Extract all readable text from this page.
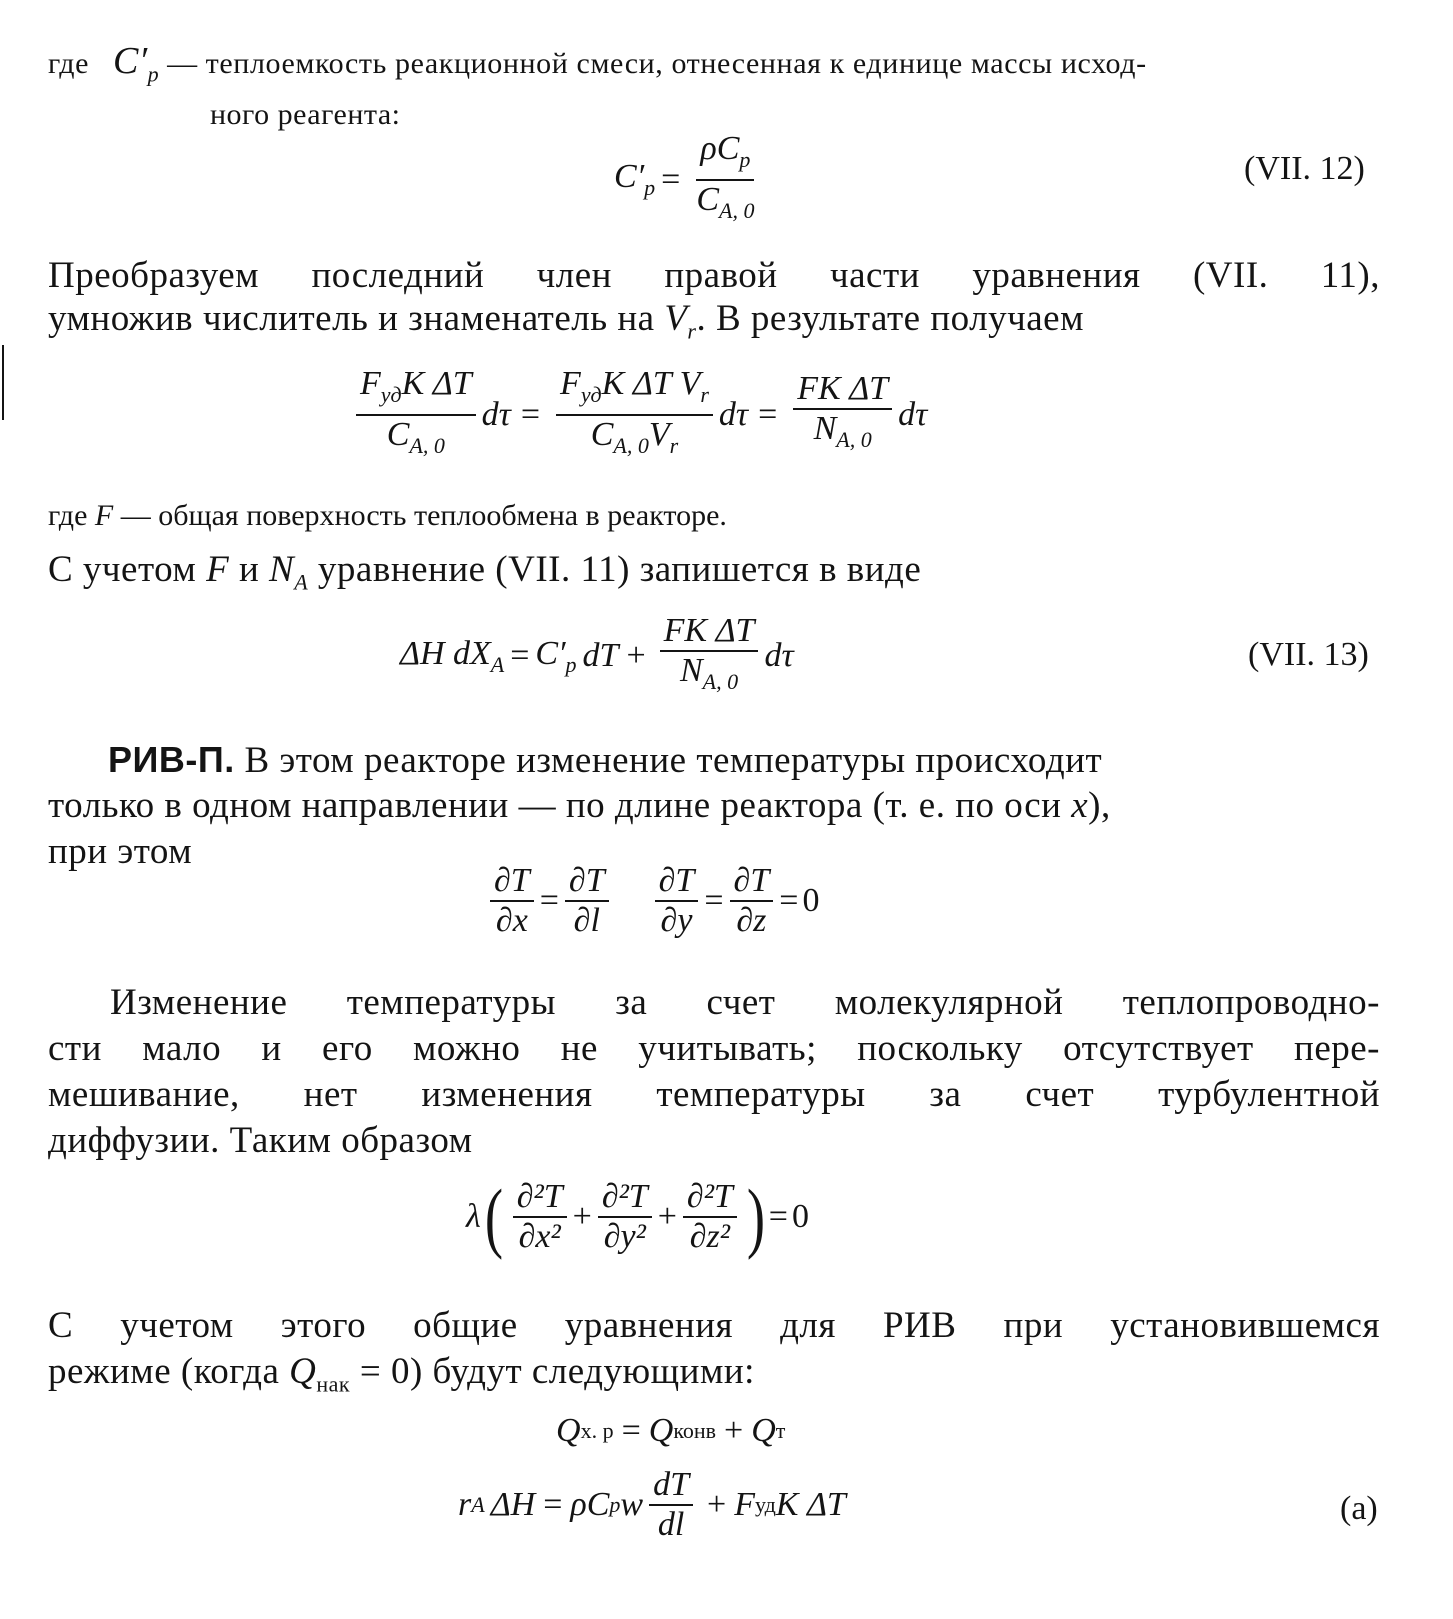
где $C'_p$ — теплоемкость реакционной смеси, отнесенная к единице массы исход-
ного реагента:
$C'_p = \frac{\rho C_p}{C_{A, 0}}$	(VII. 12)
Преобразуем последний член правой части уравнения (VII. 11),
умножив числитель и знаменатель на $V_r$. В результате получаем
$\frac{F_{уд}K \Delta T}{C_{A, 0}}$ $d\tau = \frac{F_{уд}K \Delta T V_r}{C_{A, 0}V_r}$ $d\tau = \frac{\text{FK ΔT}}{N_{A, 0}}$ dτ
где F — общая поверхность теплообмена в реакторе.
С учетом F и $N_A$ уравнение (VII. 11) запишется в виде
ΔH $dX_A = C'_p$ dT + $\frac{\text{FK ΔT}}{N_{A, 0}}$ dτ	(VII. 13)
РИВ-П. В этом реакторе изменение температуры происходит
только в одном направлении — по длине реактора (т. е. по оси x),
при этом
$\frac{\partial T}{\partial x} = \frac{\partial T}{\partial l} \frac{\partial T}{\partial y} = \frac{\partial T}{\partial z} = 0$
Изменение температуры за счет молекулярной теплопроводно-
сти мало и его можно не учитывать; поскольку отсутствует пере-
мешивание, нет изменения температуры за счет турбулентной
диффузии. Таким образом
λ ( $\frac{\text{∂²T}}{\text{∂x²}} + \frac{\text{∂²T}}{\text{∂y²}} + \frac{\text{∂²T}}{\text{∂z²}}$ ) = 0
С учетом этого общие уравнения для РИВ при установившемся
режиме (когда $Q_{нак} = 0$) будут следующими:
Q х. р = Q конв + Q т
r A ΔH = ρC p w $\frac{dT}{dl} + F$ уд K ΔT	(a)
